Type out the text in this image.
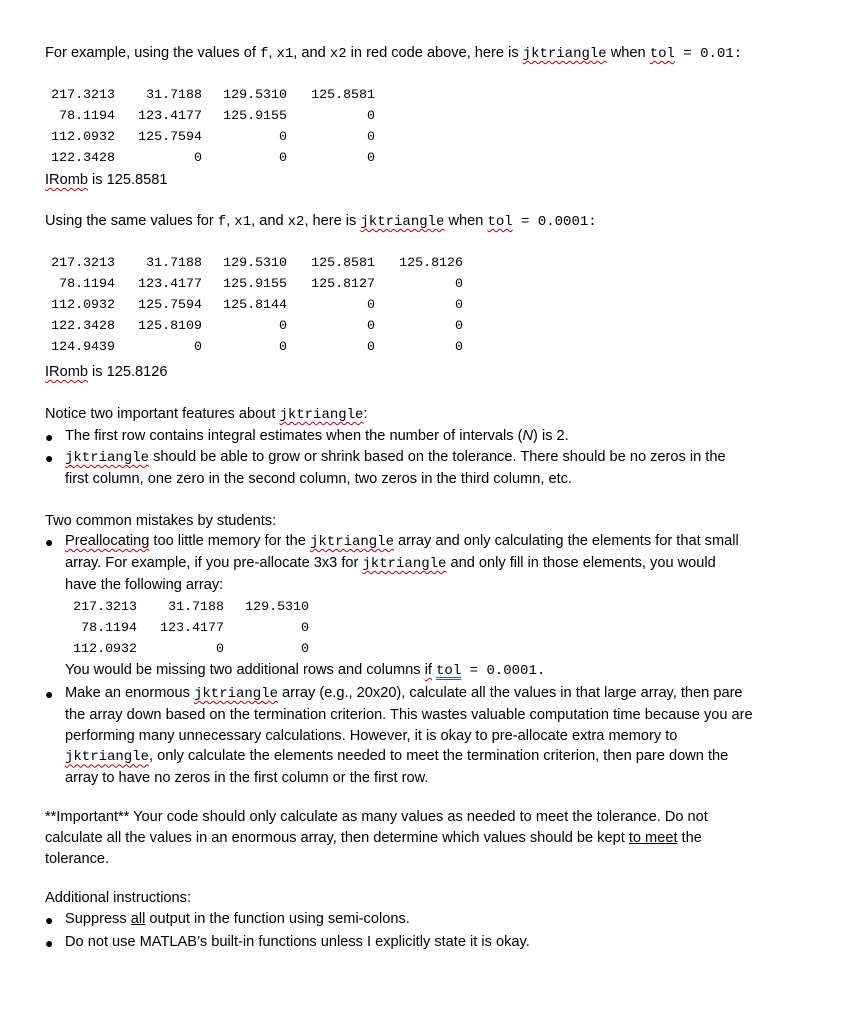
For example, using the values of f, x1, and x2 in red code above, here is jktriangle when tol = 0.01:
217.3213	31.7188	129.5310	125.8581
78.1194	123.4177	125.9155	0
112.0932	125.7594	0	0
122.3428	0	0	0
IRomb is 125.8581
Using the same values for f, x1, and x2, here is jktriangle when tol = 0.0001:
217.3213	31.7188	129.5310	125.8581	125.8126
78.1194	123.4177	125.9155	125.8127	0
112.0932	125.7594	125.8144	0	0
122.3428	125.8109	0	0	0
124.9439	0	0	0	0
IRomb is 125.8126
Notice two important features about jktriangle:
● The first row contains integral estimates when the number of intervals (N) is 2.
● jktriangle should be able to grow or shrink based on the tolerance. There should be no zeros in the
first column, one zero in the second column, two zeros in the third column, etc.
Two common mistakes by students:
● Preallocating too little memory for the jktriangle array and only calculating the elements for that small
array. For example, if you pre-allocate 3x3 for jktriangle and only fill in those elements, you would
have the following array:
217.3213	31.7188	129.5310
78.1194	123.4177	0
112.0932	0	0
You would be missing two additional rows and columns if tol = 0.0001.
● Make an enormous jktriangle array (e.g., 20x20), calculate all the values in that large array, then pare
the array down based on the termination criterion. This wastes valuable computation time because you are
performing many unnecessary calculations. However, it is okay to pre-allocate extra memory to
jktriangle, only calculate the elements needed to meet the termination criterion, then pare down the
array to have no zeros in the first column or the first row.
**Important** Your code should only calculate as many values as needed to meet the tolerance. Do not
calculate all the values in an enormous array, then determine which values should be kept to meet the
tolerance.
Additional instructions:
● Suppress all output in the function using semi-colons.
● Do not use MATLAB’s built-in functions unless I explicitly state it is okay.
